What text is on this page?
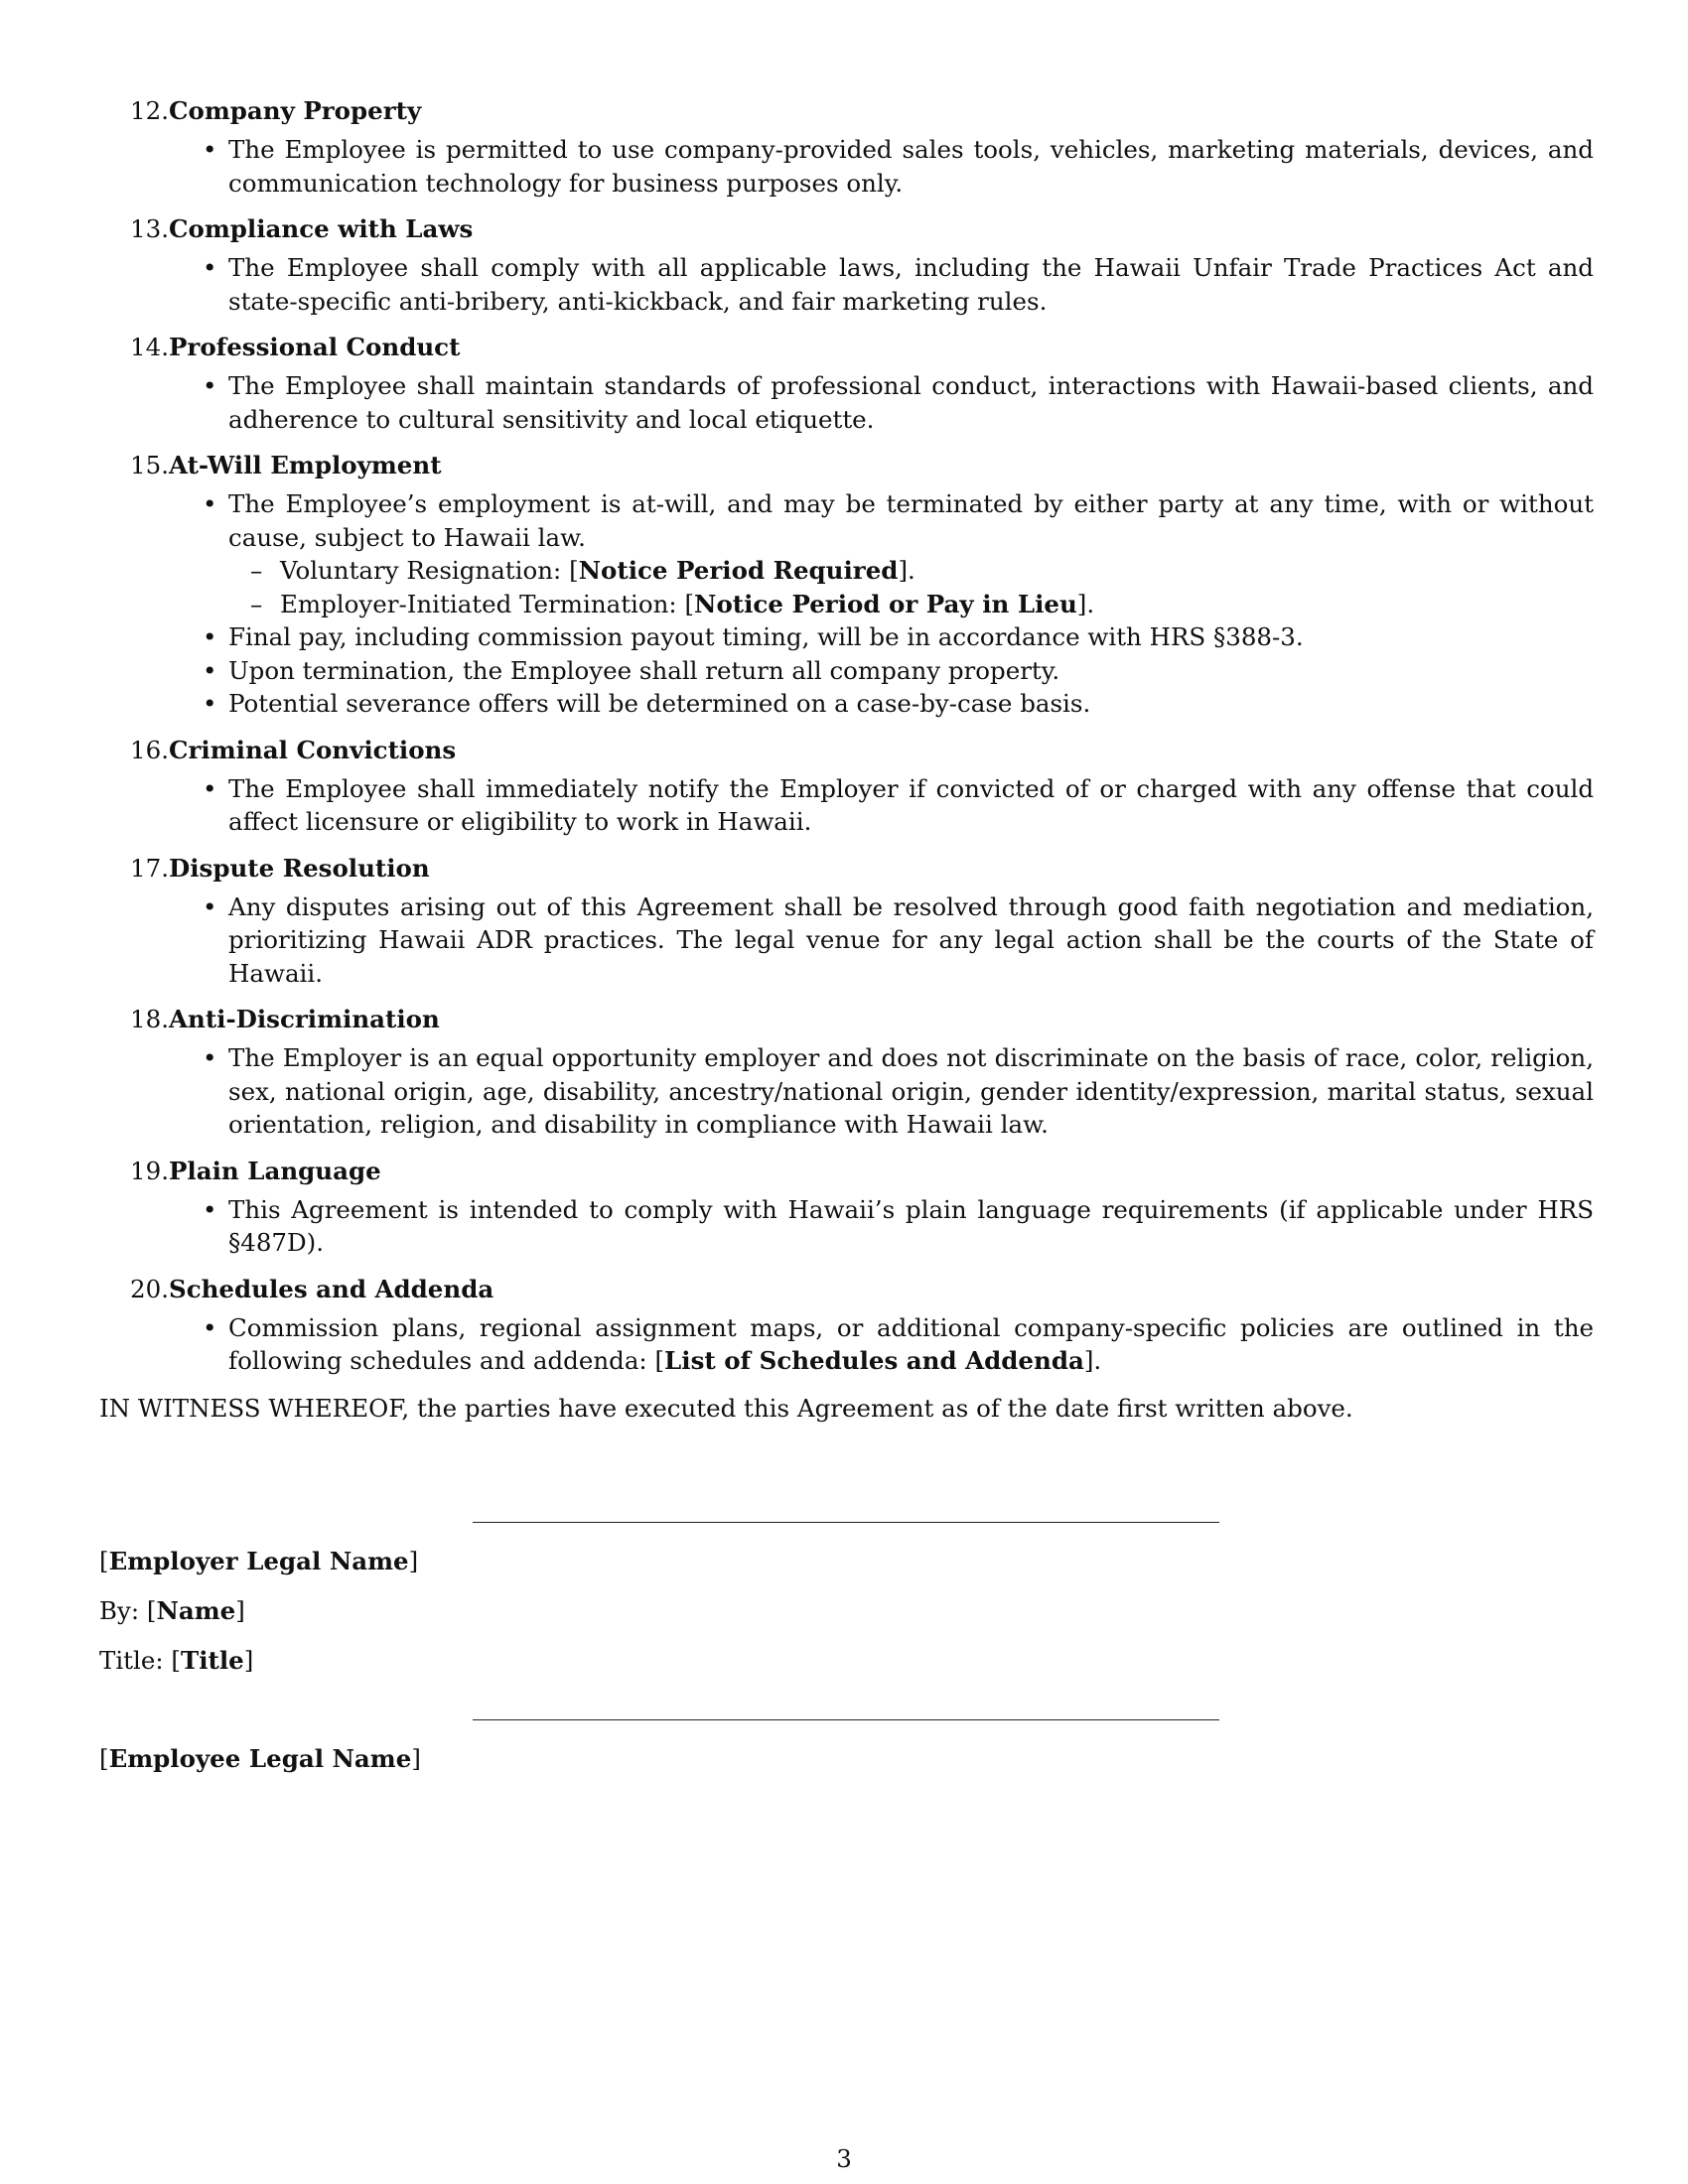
12. Company Property
• The Employee is permitted to use company-provided sales tools, vehicles, marketing materials, devices, and communication technology for business purposes only.
13. Compliance with Laws
• The Employee shall comply with all applicable laws, including the Hawaii Unfair Trade Practices Act and state-specific anti-bribery, anti-kickback, and fair marketing rules.
14. Professional Conduct
• The Employee shall maintain standards of professional conduct, interactions with Hawaii-based clients, and adherence to cultural sensitivity and local etiquette.
15. At-Will Employment
• The Employee’s employment is at-will, and may be terminated by either party at any time, with or without cause, subject to Hawaii law.
– Voluntary Resignation: [Notice Period Required].
– Employer-Initiated Termination: [Notice Period or Pay in Lieu].
• Final pay, including commission payout timing, will be in accordance with HRS §388-3.
• Upon termination, the Employee shall return all company property.
• Potential severance offers will be determined on a case-by-case basis.
16. Criminal Convictions
• The Employee shall immediately notify the Employer if convicted of or charged with any offense that could affect licensure or eligibility to work in Hawaii.
17. Dispute Resolution
• Any disputes arising out of this Agreement shall be resolved through good faith negotiation and mediation, prioritizing Hawaii ADR practices. The legal venue for any legal action shall be the courts of the State of Hawaii.
18. Anti-Discrimination
• The Employer is an equal opportunity employer and does not discriminate on the basis of race, color, religion, sex, national origin, age, disability, ancestry/national origin, gender identity/expression, marital status, sexual orientation, religion, and disability in compliance with Hawaii law.
19. Plain Language
• This Agreement is intended to comply with Hawaii’s plain language requirements (if applicable under HRS §487D).
20. Schedules and Addenda
• Commission plans, regional assignment maps, or additional company-specific policies are outlined in the following schedules and addenda: [List of Schedules and Addenda].

IN WITNESS WHEREOF, the parties have executed this Agreement as of the date first written above.

[Employer Legal Name]
By: [Name]
Title: [Title]
[Employee Legal Name]
3
